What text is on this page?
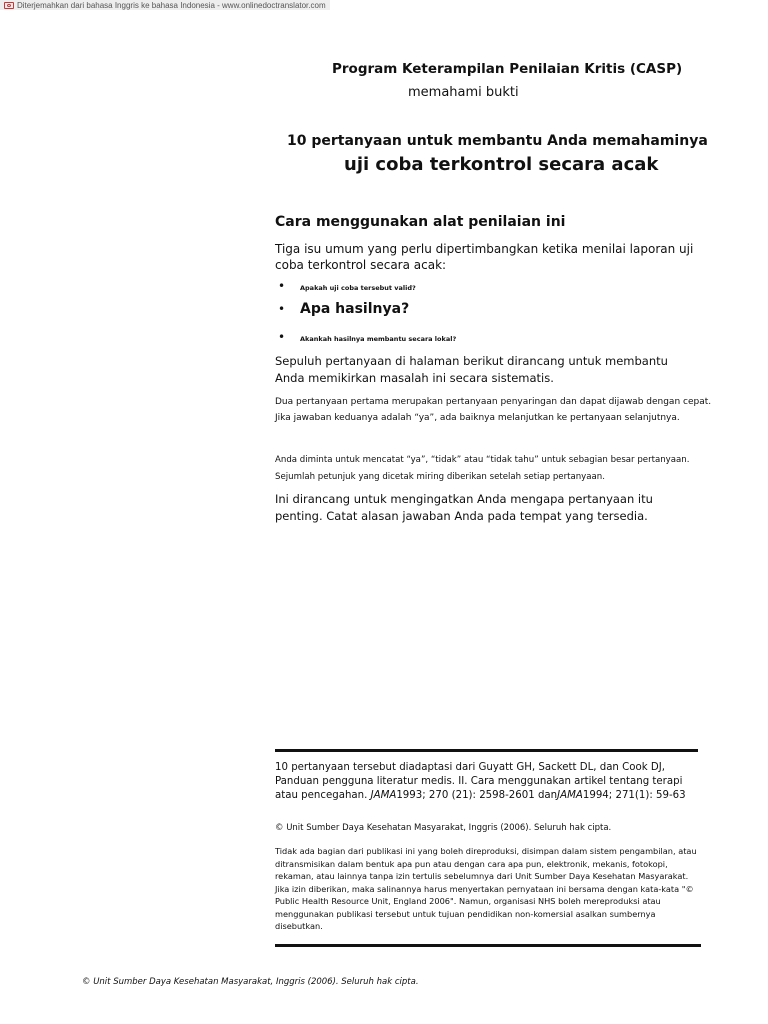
Diterjemahkan dari bahasa Inggris ke bahasa Indonesia - www.onlinedoctranslator.com
Program Keterampilan Penilaian Kritis (CASP)
memahami bukti
10 pertanyaan untuk membantu Anda memahaminya
uji coba terkontrol secara acak
Cara menggunakan alat penilaian ini
Tiga isu umum yang perlu dipertimbangkan ketika menilai laporan uji coba terkontrol secara acak:
• Apakah uji coba tersebut valid?
• Apa hasilnya?
• Akankah hasilnya membantu secara lokal?
Sepuluh pertanyaan di halaman berikut dirancang untuk membantu Anda memikirkan masalah ini secara sistematis.
Dua pertanyaan pertama merupakan pertanyaan penyaringan dan dapat dijawab dengan cepat. Jika jawaban keduanya adalah “ya”, ada baiknya melanjutkan ke pertanyaan selanjutnya.
Anda diminta untuk mencatat “ya”, “tidak” atau “tidak tahu” untuk sebagian besar pertanyaan. Sejumlah petunjuk yang dicetak miring diberikan setelah setiap pertanyaan.
Ini dirancang untuk mengingatkan Anda mengapa pertanyaan itu penting. Catat alasan jawaban Anda pada tempat yang tersedia.
10 pertanyaan tersebut diadaptasi dari Guyatt GH, Sackett DL, dan Cook DJ, Panduan pengguna literatur medis. II. Cara menggunakan artikel tentang terapi atau pencegahan. JAMA1993; 270 (21): 2598-2601 danJAMA1994; 271(1): 59-63
© Unit Sumber Daya Kesehatan Masyarakat, Inggris (2006). Seluruh hak cipta.
Tidak ada bagian dari publikasi ini yang boleh direproduksi, disimpan dalam sistem pengambilan, atau ditransmisikan dalam bentuk apa pun atau dengan cara apa pun, elektronik, mekanis, fotokopi, rekaman, atau lainnya tanpa izin tertulis sebelumnya dari Unit Sumber Daya Kesehatan Masyarakat. Jika izin diberikan, maka salinannya harus menyertakan pernyataan ini bersama dengan kata-kata "© Public Health Resource Unit, England 2006". Namun, organisasi NHS boleh mereproduksi atau menggunakan publikasi tersebut untuk tujuan pendidikan non-komersial asalkan sumbernya disebutkan.
© Unit Sumber Daya Kesehatan Masyarakat, Inggris (2006). Seluruh hak cipta.
